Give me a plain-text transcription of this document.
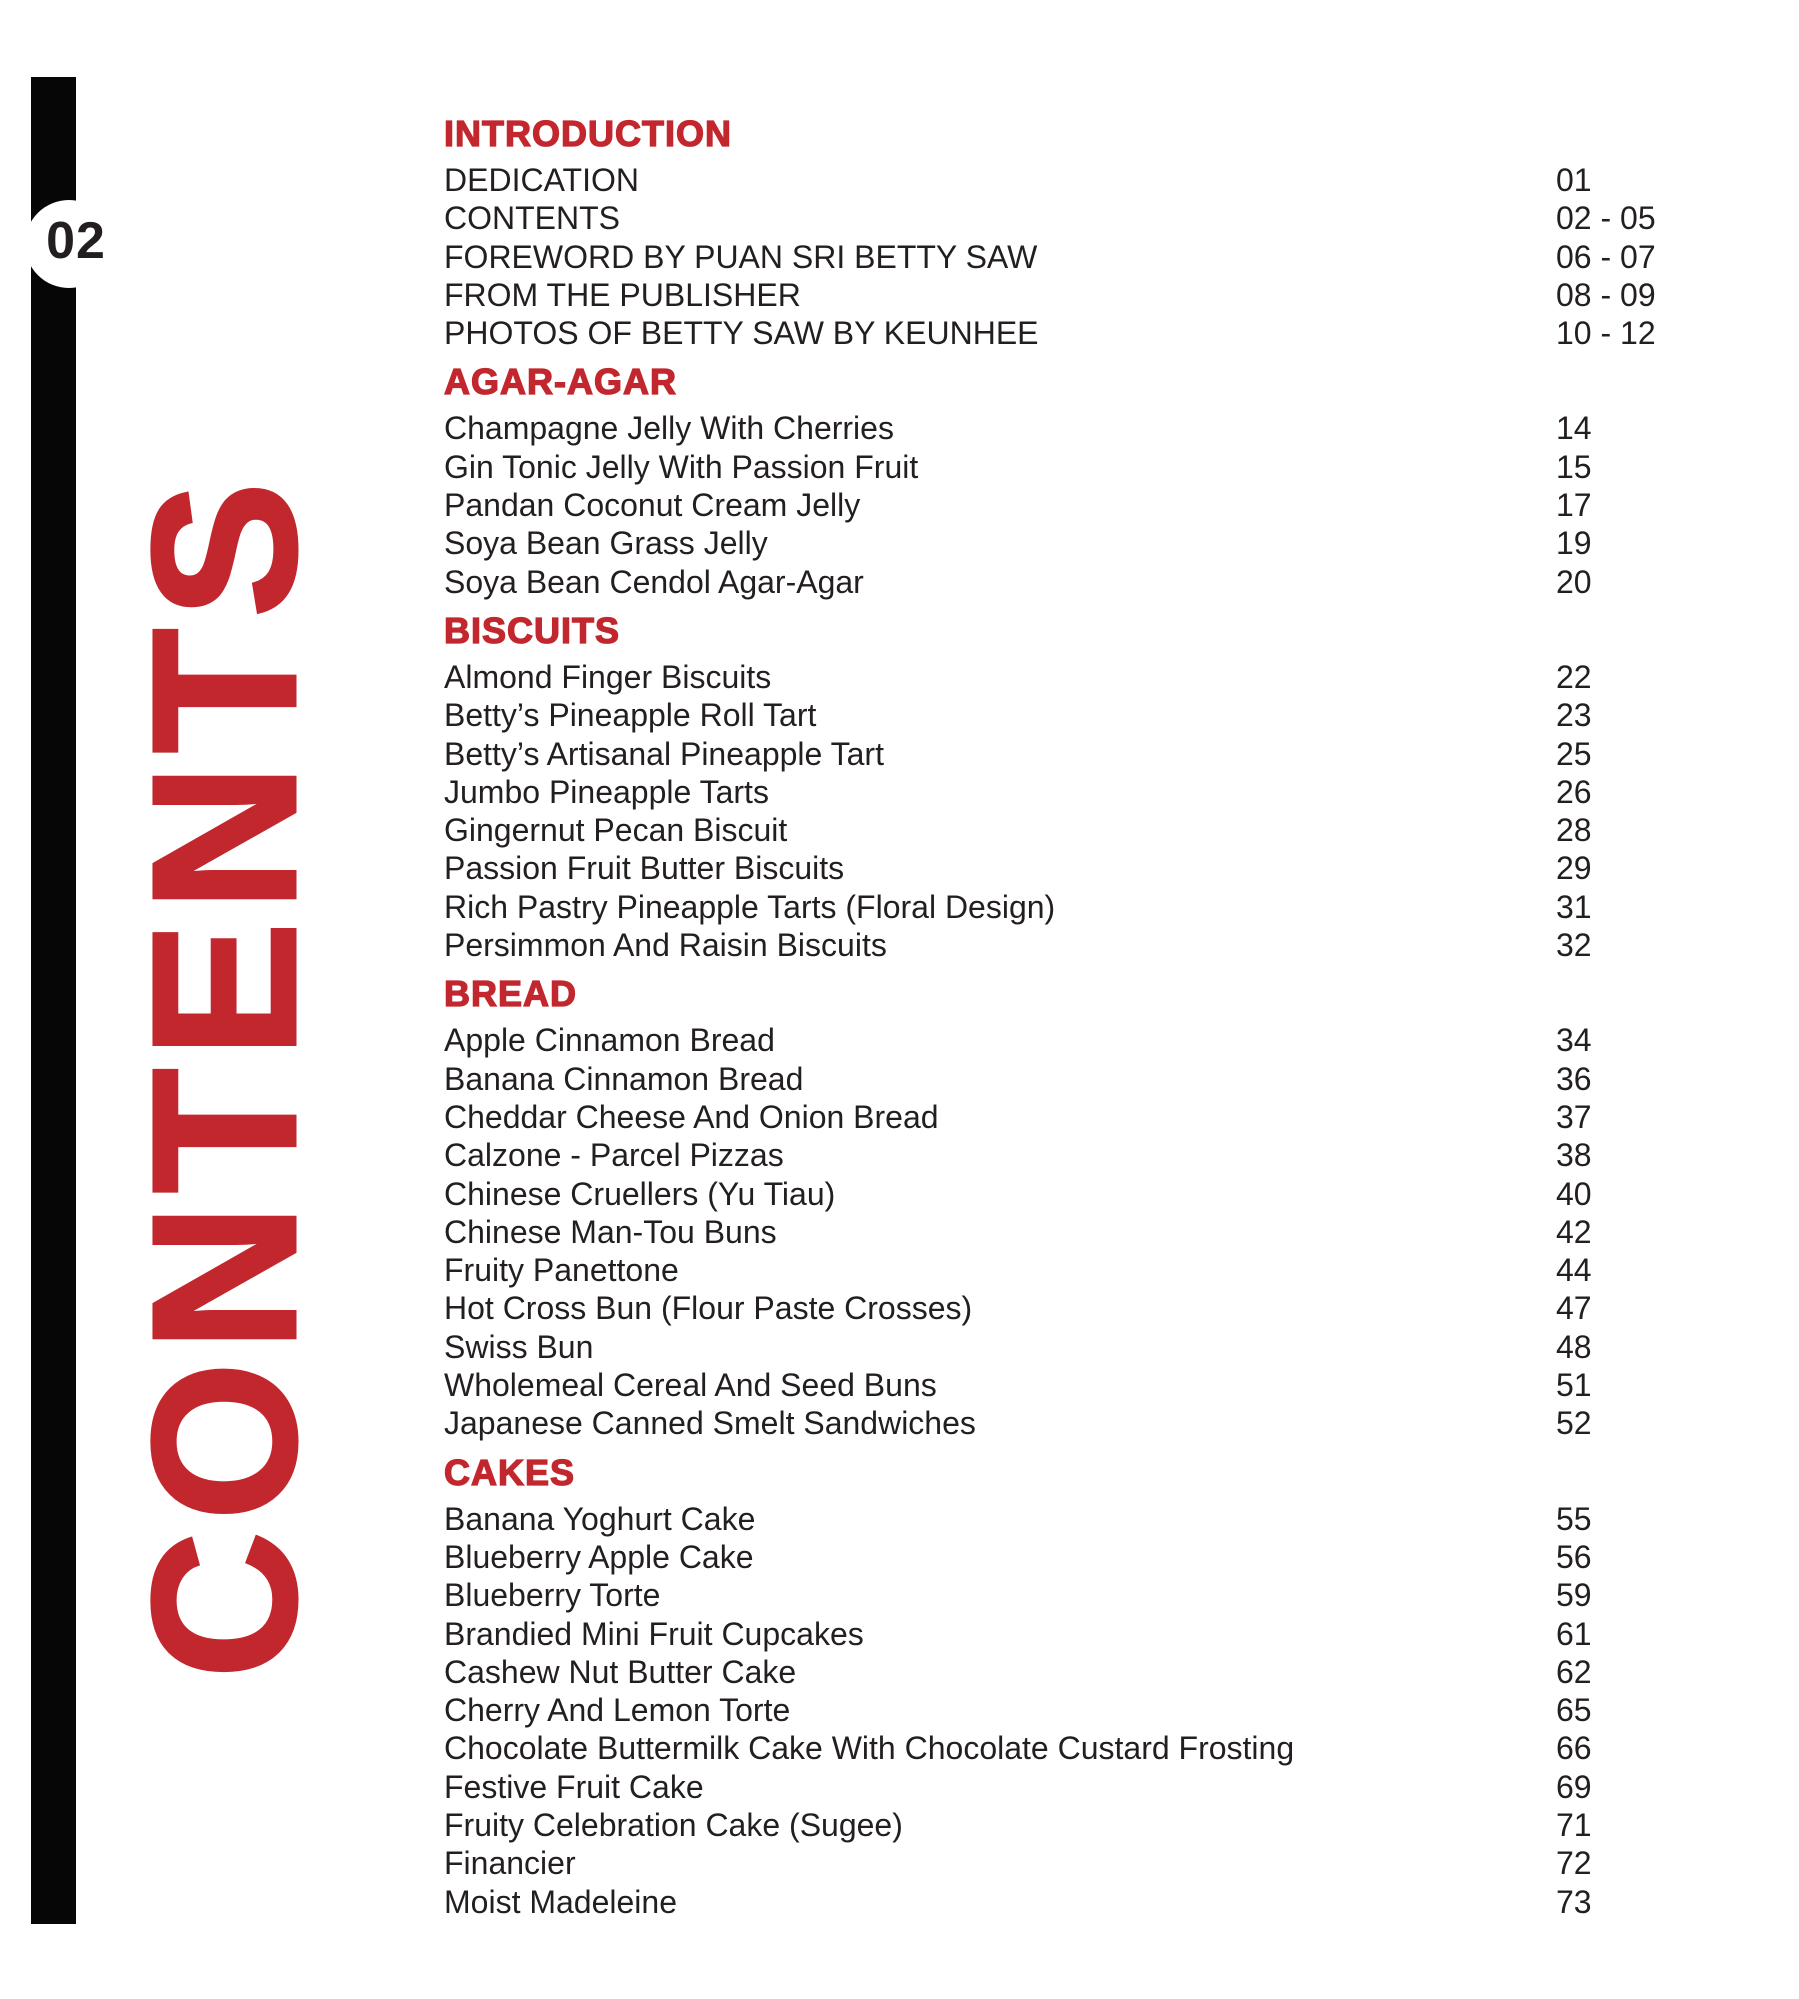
02
CONTENTS
INTRODUCTION
DEDICATION	01
CONTENTS	02 - 05
FOREWORD BY PUAN SRI BETTY SAW	06 - 07
FROM THE PUBLISHER	08 - 09
PHOTOS OF BETTY SAW BY KEUNHEE	10 - 12
AGAR-AGAR
Champagne Jelly With Cherries	14
Gin Tonic Jelly With Passion Fruit	15
Pandan Coconut Cream Jelly	17
Soya Bean Grass Jelly	19
Soya Bean Cendol Agar-Agar	20
BISCUITS
Almond Finger Biscuits	22
Betty’s Pineapple Roll Tart	23
Betty’s Artisanal Pineapple Tart	25
Jumbo Pineapple Tarts	26
Gingernut Pecan Biscuit	28
Passion Fruit Butter Biscuits	29
Rich Pastry Pineapple Tarts (Floral Design)	31
Persimmon And Raisin Biscuits	32
BREAD
Apple Cinnamon Bread	34
Banana Cinnamon Bread	36
Cheddar Cheese And Onion Bread	37
Calzone - Parcel Pizzas	38
Chinese Cruellers (Yu Tiau)	40
Chinese Man-Tou Buns	42
Fruity Panettone	44
Hot Cross Bun (Flour Paste Crosses)	47
Swiss Bun	48
Wholemeal Cereal And Seed Buns	51
Japanese Canned Smelt Sandwiches	52
CAKES
Banana Yoghurt Cake	55
Blueberry Apple Cake	56
Blueberry Torte	59
Brandied Mini Fruit Cupcakes	61
Cashew Nut Butter Cake	62
Cherry And Lemon Torte	65
Chocolate Buttermilk Cake With Chocolate Custard Frosting	66
Festive Fruit Cake	69
Fruity Celebration Cake (Sugee)	71
Financier	72
Moist Madeleine	73
